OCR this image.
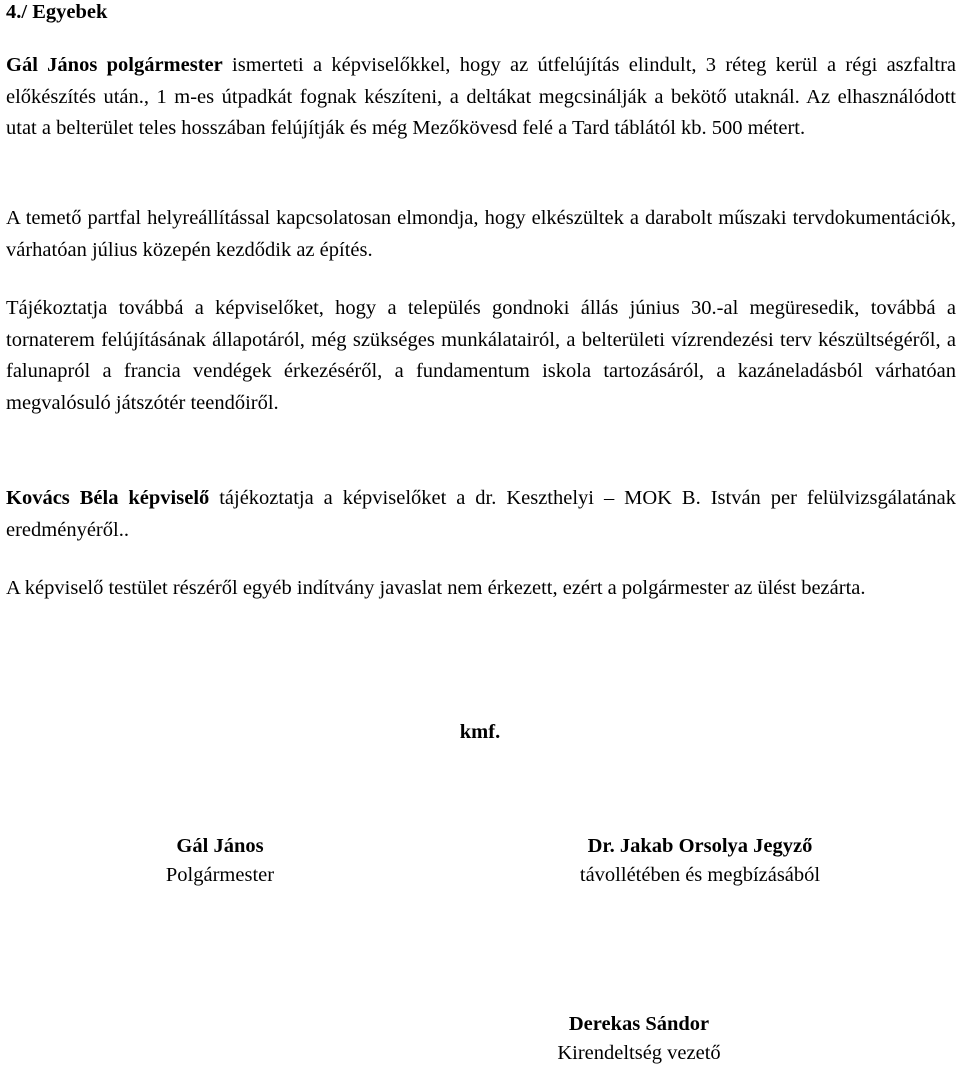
4./ Egyebek

Gál János polgármester ismerteti a képviselőkkel, hogy az útfelújítás elindult, 3 réteg kerül a régi aszfaltra előkészítés után., 1 m-es útpadkát fognak készíteni, a deltákat megcsinálják a bekötő utaknál. Az elhasználódott utat a belterület teles hosszában felújítják és még Mezőkövesd felé a Tard táblától kb. 500 métert.

A temető partfal helyreállítással kapcsolatosan elmondja, hogy elkészültek a darabolt műszaki tervdokumentációk, várhatóan július közepén kezdődik az építés.

Tájékoztatja továbbá a képviselőket, hogy a település gondnoki állás június 30.-al megüresedik, továbbá a tornaterem felújításának állapotáról, még szükséges munkálatairól, a belterületi vízrendezési terv készültségéről, a falunapról a francia vendégek érkezéséről, a fundamentum iskola tartozásáról, a kazáneladásból várhatóan megvalósuló játszótér teendőiről.

Kovács Béla képviselő tájékoztatja a képviselőket a dr. Keszthelyi – MOK B. István per felülvizsgálatának eredményéről..

A képviselő testület részéről egyéb indítvány javaslat nem érkezett, ezért a polgármester az ülést bezárta.

kmf.

Gál János
Polgármester
Dr. Jakab Orsolya Jegyző
távollétében és megbízásából
Derekas Sándor
Kirendeltség vezető
